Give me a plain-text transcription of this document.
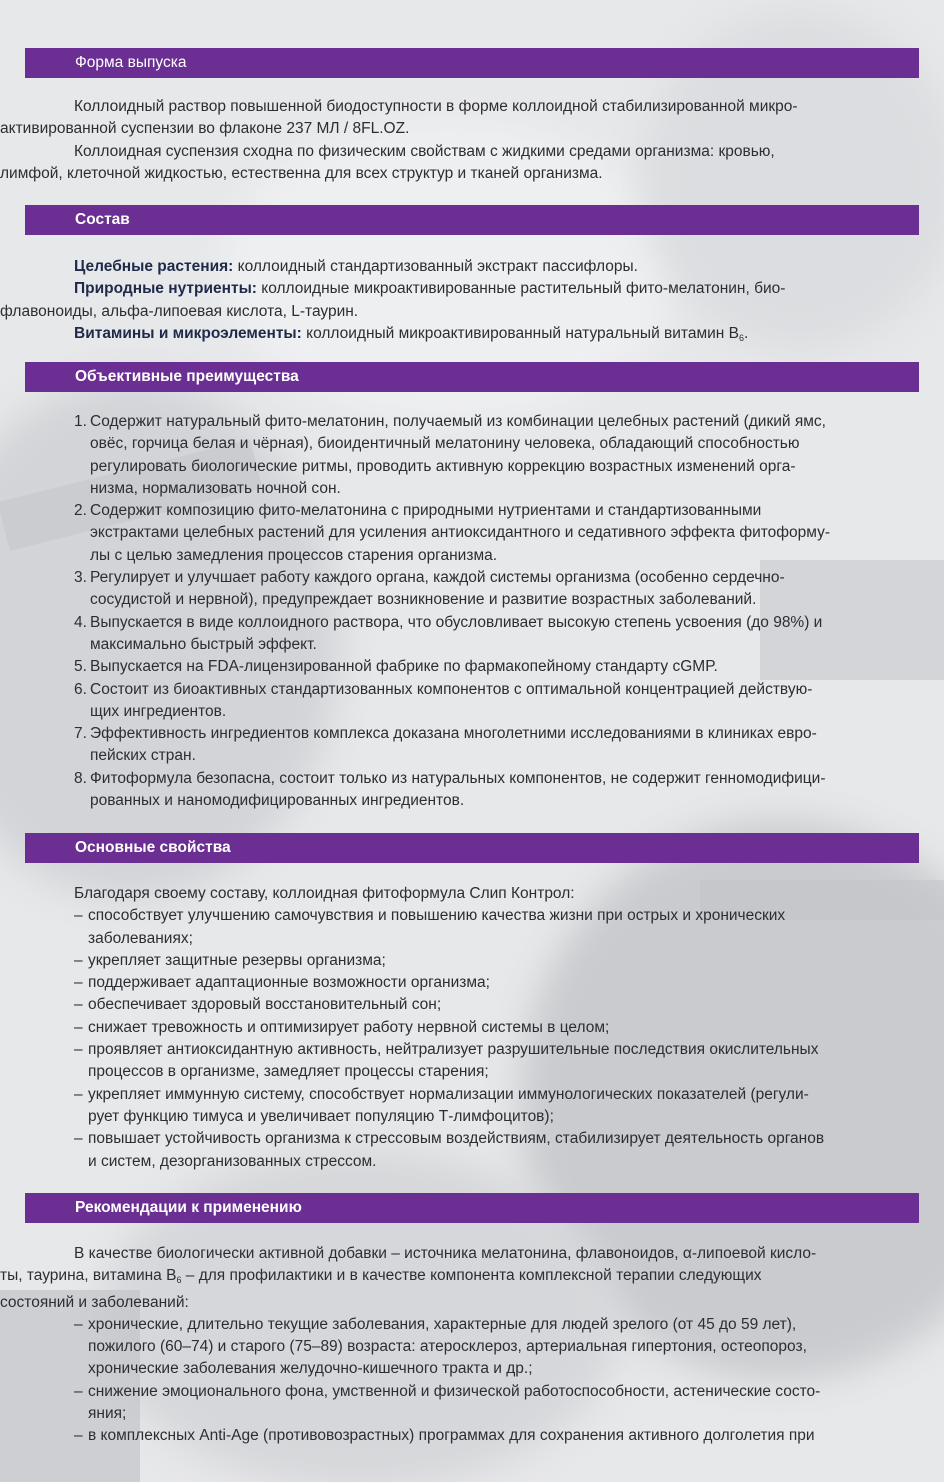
Форма выпуска

Коллоидный раствор повышенной биодоступности в форме коллоидной стабилизированной микро-

активированной суспензии во флаконе 237 МЛ / 8FL.OZ.

Коллоидная суспензия сходна по физическим свойствам с жидкими средами организма: кровью,

лимфой, клеточной жидкостью, естественна для всех структур и тканей организма.

Состав

Целебные растения: коллоидный стандартизованный экстракт пассифлоры.

Природные нутриенты: коллоидные микроактивированные растительный фито-мелатонин, био-

флавоноиды, альфа-липоевая кислота, L-таурин.

Витамины и микроэлементы: коллоидный микроактивированный натуральный витамин $B_6$.

Объективные преимущества
1. Содержит натуральный фито-мелатонин, получаемый из комбинации целебных растений (дикий ямс,

овёс, горчица белая и чёрная), биоидентичный мелатонину человека, обладающий способностью

регулировать биологические ритмы, проводить активную коррекцию возрастных изменений орга-

низма, нормализовать ночной сон.

2. Содержит композицию фито-мелатонина с природными нутриентами и стандартизованными

экстрактами целебных растений для усиления антиоксидантного и седативного эффекта фитоформу-

лы с целью замедления процессов старения организма.

3. Регулирует и улучшает работу каждого органа, каждой системы организма (особенно сердечно-

сосудистой и нервной), предупреждает возникновение и развитие возрастных заболеваний.

4. Выпускается в виде коллоидного раствора, что обусловливает высокую степень усвоения (до 98%) и

максимально быстрый эффект.

5. Выпускается на FDA-лицензированной фабрике по фармакопейному стандарту cGMP.

6. Состоит из биоактивных стандартизованных компонентов с оптимальной концентрацией действую-

щих ингредиентов.

7. Эффективность ингредиентов комплекса доказана многолетними исследованиями в клиниках евро-

пейских стран.

8. Фитоформула безопасна, состоит только из натуральных компонентов, не содержит генномодифици-

рованных и наномодифицированных ингредиентов.

Основные свойства

Благодаря своему составу, коллоидная фитоформула Слип Контрол:

– способствует улучшению самочувствия и повышению качества жизни при острых и хронических

заболеваниях;

– укрепляет защитные резервы организма;

– поддерживает адаптационные возможности организма;

– обеспечивает здоровый восстановительный сон;

– снижает тревожность и оптимизирует работу нервной системы в целом;

– проявляет антиоксидантную активность, нейтрализует разрушительные последствия окислительных

процессов в организме, замедляет процессы старения;

– укрепляет иммунную систему, способствует нормализации иммунологических показателей (регули-

рует функцию тимуса и увеличивает популяцию Т-лимфоцитов);

– повышает устойчивость организма к стрессовым воздействиям, стабилизирует деятельность органов

и систем, дезорганизованных стрессом.

Рекомендации к применению

В качестве биологически активной добавки – источника мелатонина, флавоноидов, α-липоевой кисло-

ты, таурина, витамина $B_6$ – для профилактики и в качестве компонента комплексной терапии следующих

состояний и заболеваний:

– хронические, длительно текущие заболевания, характерные для людей зрелого (от 45 до 59 лет),

пожилого (60–74) и старого (75–89) возраста: атеросклероз, артериальная гипертония, остеопороз,

хронические заболевания желудочно-кишечного тракта и др.;

– снижение эмоционального фона, умственной и физической работоспособности, астенические состо-

яния;

– в комплексных Anti-Age (противовозрастных) программах для сохранения активного долголетия при
